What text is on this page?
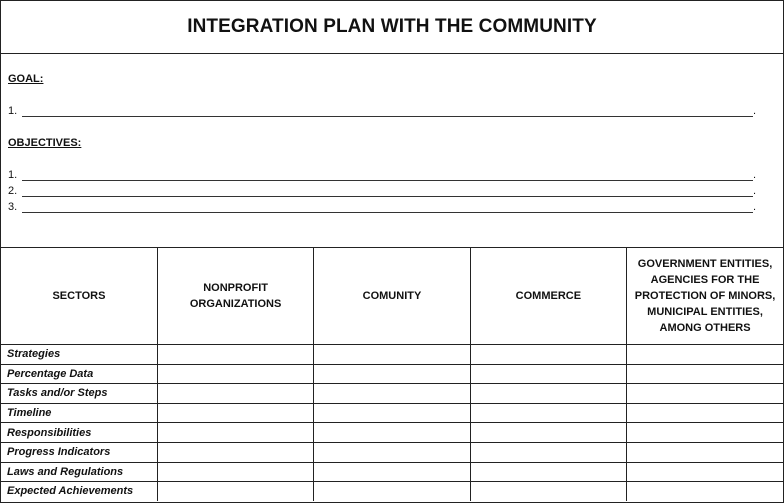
INTEGRATION PLAN WITH THE COMMUNITY
GOAL:
1.	.
OBJECTIVES:
1.	.
2.	.
3.	.
SECTORS	NONPROFIT ORGANIZATIONS	COMUNITY	COMMERCE	GOVERNMENT ENTITIES, AGENCIES FOR THE PROTECTION OF MINORS, MUNICIPAL ENTITIES, AMONG OTHERS
Strategies				
Percentage Data				
Tasks and/or Steps				
Timeline				
Responsibilities				
Progress Indicators				
Laws and Regulations				
Expected Achievements				
